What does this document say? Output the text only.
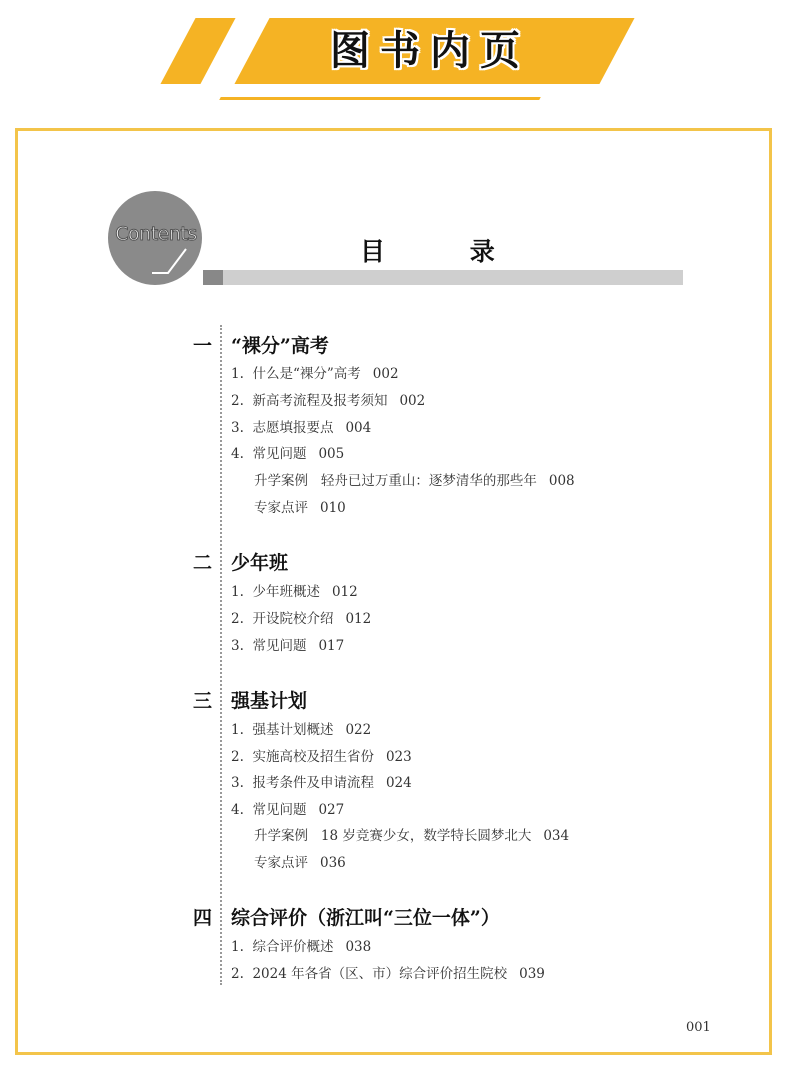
图书内页
Contents
目 录
一 “裸分”高考
1.  什么是“裸分”高考 002
2.  新高考流程及报考须知 002
3.  志愿填报要点 004
4.  常见问题 005
升学案例   轻舟已过万重山：逐梦清华的那些年 008
专家点评 010
二 少年班
1.  少年班概述 012
2.  开设院校介绍 012
3.  常见问题 017
三 强基计划
1.  强基计划概述 022
2.  实施高校及招生省份 023
3.  报考条件及申请流程 024
4.  常见问题 027
升学案例   18 岁竞赛少女，数学特长圆梦北大 034
专家点评 036
四 综合评价（浙江叫“三位一体”）
1.  综合评价概述 038
2.  2024 年各省（区、市）综合评价招生院校 039
001
